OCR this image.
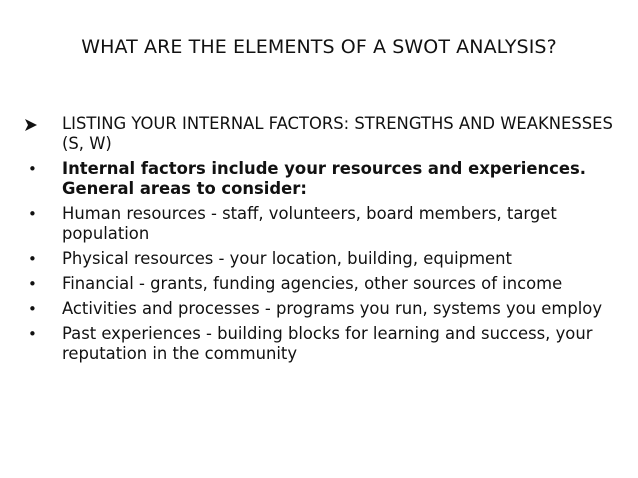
WHAT ARE THE ELEMENTS OF A SWOT ANALYSIS?
LISTING YOUR INTERNAL FACTORS: STRENGTHS AND WEAKNESSES (S, W)
• Internal factors include your resources and experiences. General areas to consider:
• Human resources - staff, volunteers, board members, target population
• Physical resources - your location, building, equipment
• Financial - grants, funding agencies, other sources of income
• Activities and processes - programs you run, systems you employ
• Past experiences - building blocks for learning and success, your reputation in the community
